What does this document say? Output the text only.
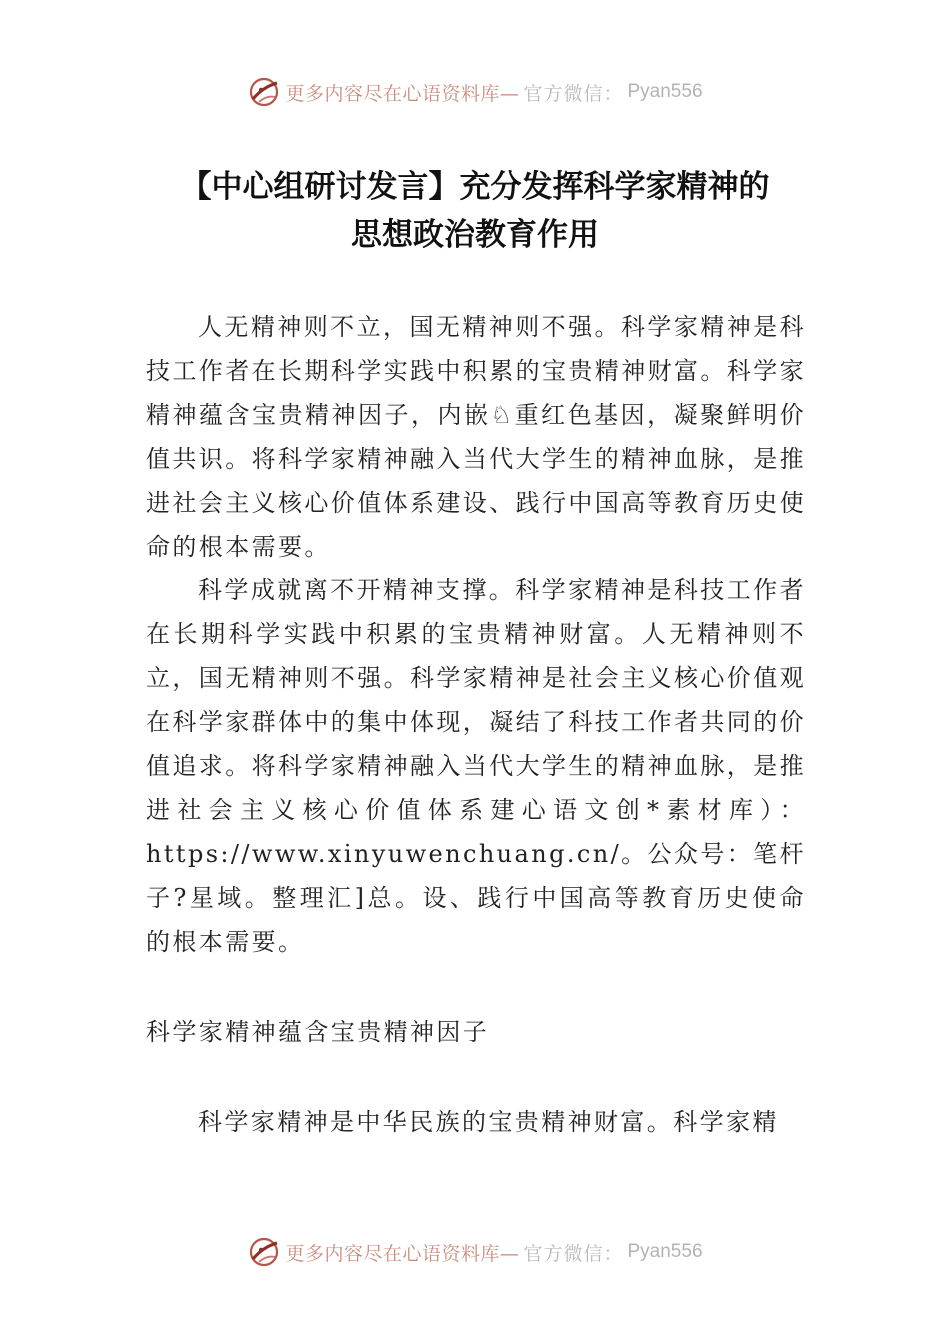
更多内容尽在心语资料库— 官方微信： Pyan556
【中心组研讨发言】充分发挥科学家精神的
思想政治教育作用
人无精神则不立，国无精神则不强。科学家精神是科技工作者在长期科学实践中积累的宝贵精神财富。科学家精神蕴含宝贵精神因子，内嵌♘重红色基因，凝聚鲜明价值共识。将科学家精神融入当代大学生的精神血脉，是推进社会主义核心价值体系建设、践行中国高等教育历史使命的根本需要。
科学成就离不开精神支撑。科学家精神是科技工作者在长期科学实践中积累的宝贵精神财富。人无精神则不立，国无精神则不强。科学家精神是社会主义核心价值观在科学家群体中的集中体现，凝结了科技工作者共同的价值追求。将科学家精神融入当代大学生的精神血脉，是推进社会主义核心价值体系建心语文创*素材库）：https://www.xinyuwenchuang.cn/。公众号：笔杆子?星域。整理汇]总。设、践行中国高等教育历史使命的根本需要。
科学家精神蕴含宝贵精神因子
科学家精神是中华民族的宝贵精神财富。科学家精
更多内容尽在心语资料库— 官方微信： Pyan556
